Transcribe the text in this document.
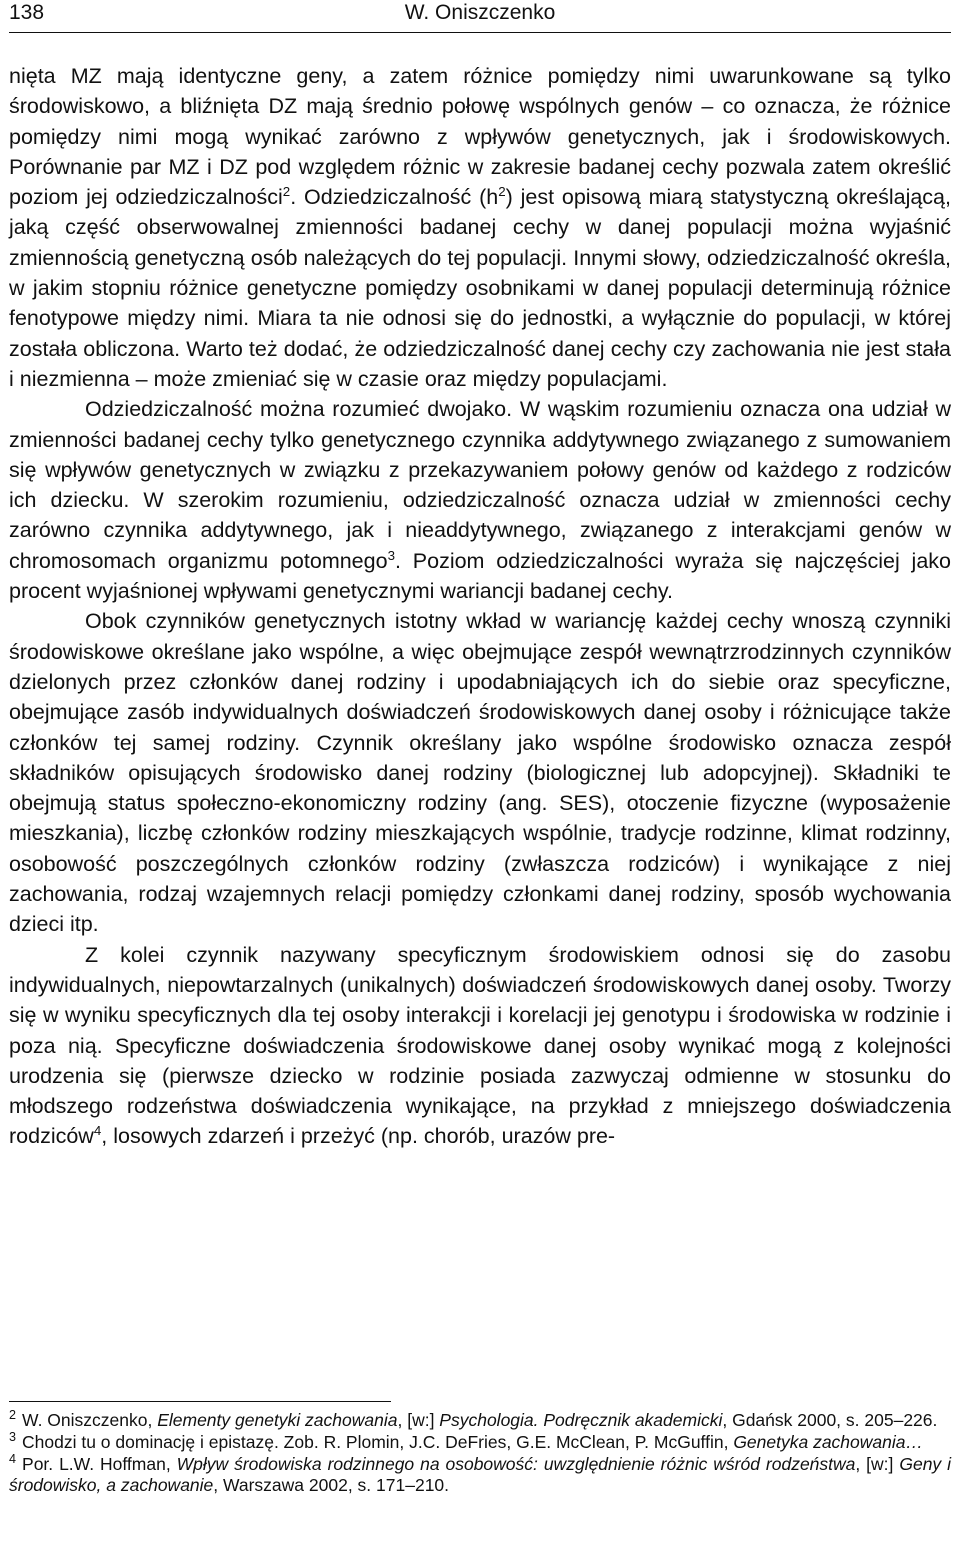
138	W. Oniszczenko

nięta MZ mają identyczne geny, a zatem różnice pomiędzy nimi uwarunkowane są tylko środowiskowo, a bliźnięta DZ mają średnio połowę wspólnych genów – co oznacza, że różnice pomiędzy nimi mogą wynikać zarówno z wpływów genetycznych, jak i środowiskowych. Porównanie par MZ i DZ pod względem różnic w zakresie badanej cechy pozwala zatem określić poziom jej odziedziczalności$^2$. Odziedziczalność $(h^2)$ jest opisową miarą statystyczną określającą, jaką część obserwowalnej zmienności badanej cechy w danej populacji można wyjaśnić zmiennością genetyczną osób należących do tej populacji. Innymi słowy, odziedziczalność określa, w jakim stopniu różnice genetyczne pomiędzy osobnikami w danej populacji determinują różnice fenotypowe między nimi. Miara ta nie odnosi się do jednostki, a wyłącznie do populacji, w której została obliczona. Warto też dodać, że odziedziczalność danej cechy czy zachowania nie jest stała i niezmienna – może zmieniać się w czasie oraz między populacjami.

Odziedziczalność można rozumieć dwojako. W wąskim rozumieniu oznacza ona udział w zmienności badanej cechy tylko genetycznego czynnika addytywnego związanego z sumowaniem się wpływów genetycznych w związku z przekazywaniem połowy genów od każdego z rodziców ich dziecku. W szerokim rozumieniu, odziedziczalność oznacza udział w zmienności cechy zarówno czynnika addytywnego, jak i nieaddytywnego, związanego z interakcjami genów w chromosomach organizmu potomnego$^3$. Poziom odziedziczalności wyraża się najczęściej jako procent wyjaśnionej wpływami genetycznymi wariancji badanej cechy.

Obok czynników genetycznych istotny wkład w wariancję każdej cechy wnoszą czynniki środowiskowe określane jako wspólne, a więc obejmujące zespół wewnątrzrodzinnych czynników dzielonych przez członków danej rodziny i upodabniających ich do siebie oraz specyficzne, obejmujące zasób indywidualnych doświadczeń środowiskowych danej osoby i różnicujące także członków tej samej rodziny. Czynnik określany jako wspólne środowisko oznacza zespół składników opisujących środowisko danej rodziny (biologicznej lub adopcyjnej). Składniki te obejmują status społeczno-ekonomiczny rodziny (ang. SES), otoczenie fizyczne (wyposażenie mieszkania), liczbę członków rodziny mieszkających wspólnie, tradycje rodzinne, klimat rodzinny, osobowość poszczególnych członków rodziny (zwłaszcza rodziców) i wynikające z niej zachowania, rodzaj wzajemnych relacji pomiędzy członkami danej rodziny, sposób wychowania dzieci itp.

Z kolei czynnik nazywany specyficznym środowiskiem odnosi się do zasobu indywidualnych, niepowtarzalnych (unikalnych) doświadczeń środowiskowych danej osoby. Tworzy się w wyniku specyficznych dla tej osoby interakcji i korelacji jej genotypu i środowiska w rodzinie i poza nią. Specyficzne doświadczenia środowiskowe danej osoby wynikać mogą z kolejności urodzenia się (pierwsze dziecko w rodzinie posiada zazwyczaj odmienne w stosunku do młodszego rodzeństwa doświadczenia wynikające, na przykład z mniejszego doświadczenia rodziców$^4$, losowych zdarzeń i przeżyć (np. chorób, urazów pre-

$^2$ W. Oniszczenko, Elementy genetyki zachowania, [w:] Psychologia. Podręcznik akademicki, Gdańsk 2000, s. 205–226.

$^3$ Chodzi tu o dominację i epistazę. Zob. R. Plomin, J.C. DeFries, G.E. McClean, P. McGuffin, Genetyka zachowania…

$^4$ Por. L.W. Hoffman, Wpływ środowiska rodzinnego na osobowość: uwzględnienie różnic wśród rodzeństwa, [w:] Geny i środowisko, a zachowanie, Warszawa 2002, s. 171–210.
